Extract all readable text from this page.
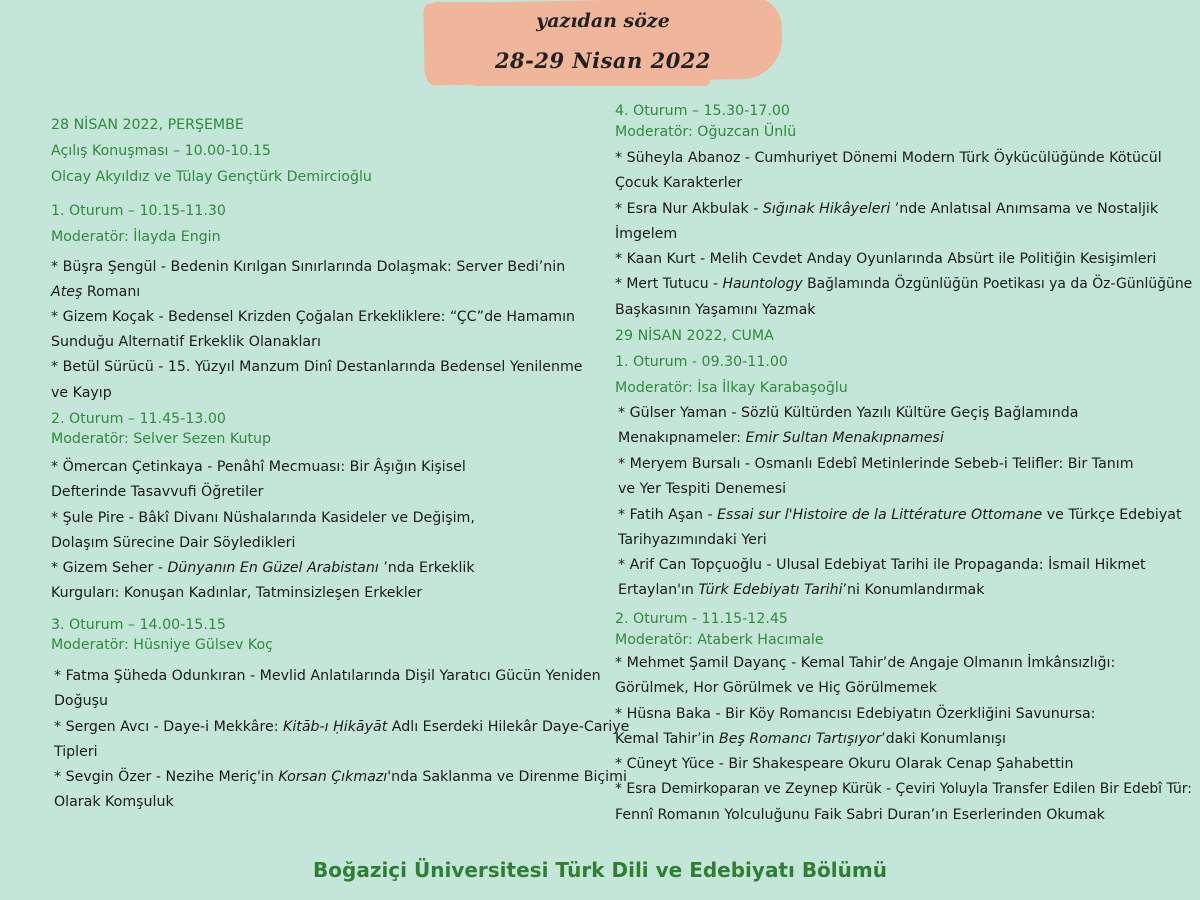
yazıdan söze
28-29 Nisan 2022
28 NİSAN 2022, PERŞEMBE
Açılış Konuşması – 10.00-10.15
Olcay Akyıldız ve Tülay Gençtürk Demircioğlu
1. Oturum – 10.15-11.30
Moderatör: İlayda Engin
* Büşra Şengül - Bedenin Kırılgan Sınırlarında Dolaşmak: Server Bedi’nin
Ateş Romanı
* Gizem Koçak - Bedensel Krizden Çoğalan Erkekliklere: “ÇC”de Hamamın
Sunduğu Alternatif Erkeklik Olanakları
* Betül Sürücü - 15. Yüzyıl Manzum Dinî Destanlarında Bedensel Yenilenme
ve Kayıp
2. Oturum – 11.45-13.00
Moderatör: Selver Sezen Kutup
* Ömercan Çetinkaya - Penâhî Mecmuası: Bir Âşığın Kişisel
Defterinde Tasavvufi Öğretiler
* Şule Pire - Bâkî Divanı Nüshalarında Kasideler ve Değişim,
Dolaşım Sürecine Dair Söyledikleri
* Gizem Seher - Dünyanın En Güzel Arabistanı ’nda Erkeklik
Kurguları: Konuşan Kadınlar, Tatminsizleşen Erkekler
3. Oturum – 14.00-15.15
Moderatör: Hüsniye Gülsev Koç
* Fatma Şüheda Odunkıran - Mevlid Anlatılarında Dişil Yaratıcı Gücün Yeniden
Doğuşu
* Sergen Avcı - Daye-i Mekkâre: Kitāb-ı Ḥikāyāt Adlı Eserdeki Hilekâr Daye-Cariye
Tipleri
* Sevgin Özer - Nezihe Meriç'in Korsan Çıkmazı'nda Saklanma ve Direnme Biçimi
Olarak Komşuluk
4. Oturum – 15.30-17.00
Moderatör: Oğuzcan Ünlü
* Süheyla Abanoz - Cumhuriyet Dönemi Modern Türk Öykücülüğünde Kötücül
Çocuk Karakterler
* Esra Nur Akbulak - Sığınak Hikâyeleri ’nde Anlatısal Anımsama ve Nostaljik
İmgelem
* Kaan Kurt - Melih Cevdet Anday Oyunlarında Absürt ile Politiğin Kesişimleri
* Mert Tutucu - Hauntology Bağlamında Özgünlüğün Poetikası ya da Öz-Günlüğüne
Başkasının Yaşamını Yazmak
29 NİSAN 2022, CUMA
1. Oturum - 09.30-11.00
Moderatör: İsa İlkay Karabaşoğlu
* Gülser Yaman - Sözlü Kültürden Yazılı Kültüre Geçiş Bağlamında
Menakıpnameler: Emir Sultan Menakıpnamesi
* Meryem Bursalı - Osmanlı Edebî Metinlerinde Sebeb-i Telifler: Bir Tanım
ve Yer Tespiti Denemesi
* Fatih Aşan - Essai sur l'Histoire de la Littérature Ottomane ve Türkçe Edebiyat
Tarihyazımındaki Yeri
* Arif Can Topçuoğlu - Ulusal Edebiyat Tarihi ile Propaganda: İsmail Hikmet
Ertaylan'ın Türk Edebiyatı Tarihi’ni Konumlandırmak
2. Oturum - 11.15-12.45
Moderatör: Ataberk Hacımale
* Mehmet Şamil Dayanç - Kemal Tahir’de Angaje Olmanın İmkânsızlığı:
Görülmek, Hor Görülmek ve Hiç Görülmemek
* Hüsna Baka - Bir Köy Romancısı Edebiyatın Özerkliğini Savunursa:
Kemal Tahir’in Beş Romancı Tartışıyor’daki Konumlanışı
* Cüneyt Yüce - Bir Shakespeare Okuru Olarak Cenap Şahabettin
* Esra Demirkoparan ve Zeynep Kürük - Çeviri Yoluyla Transfer Edilen Bir Edebî Tür:
Fennî Romanın Yolculuğunu Faik Sabri Duran’ın Eserlerinden Okumak
Boğaziçi Üniversitesi Türk Dili ve Edebiyatı Bölümü
